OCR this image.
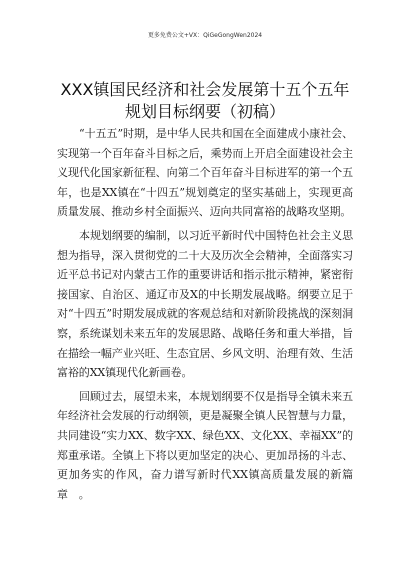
更多免费公文+VX：QiGeGongWen2024
XXX镇国民经济和社会发展第十五个五年规划目标纲要（初稿）

“十五五”时期，是中华人民共和国在全面建成小康社会、实现第一个百年奋斗目标之后，乘势而上开启全面建设社会主义现代化国家新征程、向第二个百年奋斗目标进军的第一个五年，也是XX镇在“十四五”规划奠定的坚实基础上，实现更高质量发展、推动乡村全面振兴、迈向共同富裕的战略攻坚期。

本规划纲要的编制，以习近平新时代中国特色社会主义思想为指导，深入贯彻党的二十大及历次全会精神，全面落实习近平总书记对内蒙古工作的重要讲话和指示批示精神，紧密衔接国家、自治区、通辽市及X的中长期发展战略。纲要立足于对“十四五”时期发展成就的客观总结和对新阶段挑战的深刻洞察，系统谋划未来五年的发展思路、战略任务和重大举措，旨在描绘一幅产业兴旺、生态宜居、乡风文明、治理有效、生活富裕的XX镇现代化新画卷。

回顾过去，展望未来，本规划纲要不仅是指导全镇未来五年经济社会发展的行动纲领，更是凝聚全镇人民智慧与力量，共同建设“实力XX、数字XX、绿色XX、文化XX、幸福XX”的郑重承诺。全镇上下将以更加坚定的决心、更加昂扬的斗志、更加务实的作风，奋力谱写新时代XX镇高质量发展的新篇章　。
